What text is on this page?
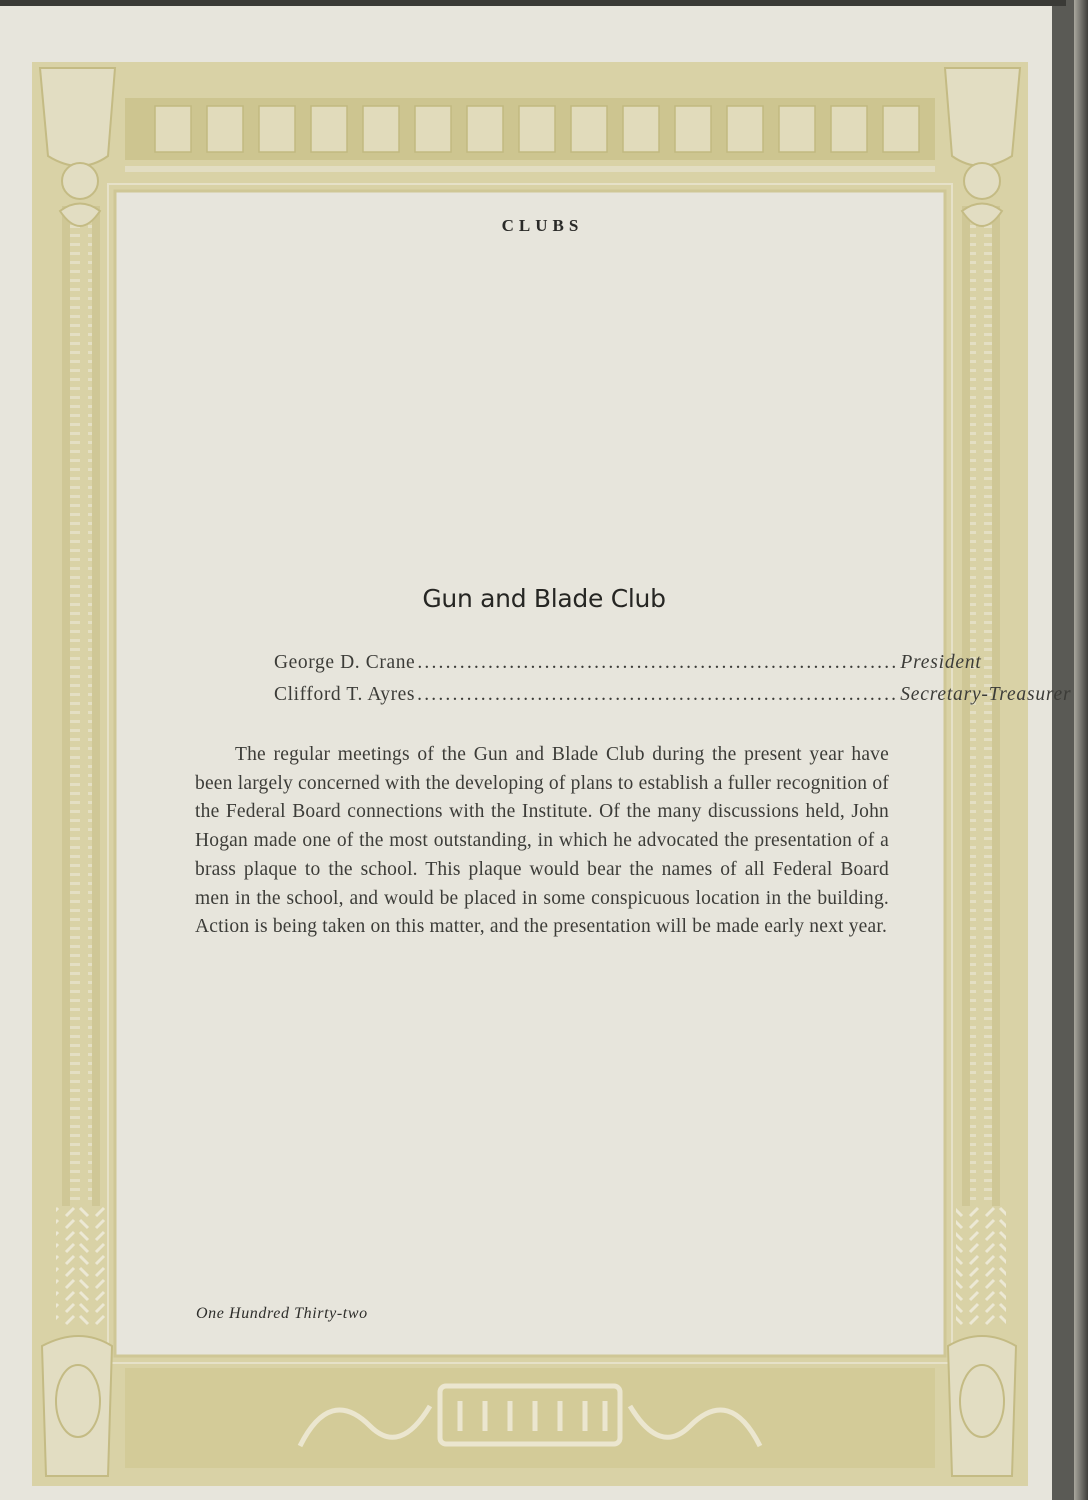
CLUBS
Gun and Blade Club
George D. Crane .................................................................... President
Clifford T. Ayres .................................................................... Secretary-Treasurer

The regular meetings of the Gun and Blade Club during the present year have been largely concerned with the developing of plans to establish a fuller recognition of the Federal Board connections with the Institute. Of the many discussions held, John Hogan made one of the most outstanding, in which he advocated the presentation of a brass plaque to the school. This plaque would bear the names of all Federal Board men in the school, and would be placed in some conspicuous location in the building. Action is being taken on this matter, and the presentation will be made early next year.

One Hundred Thirty-two
